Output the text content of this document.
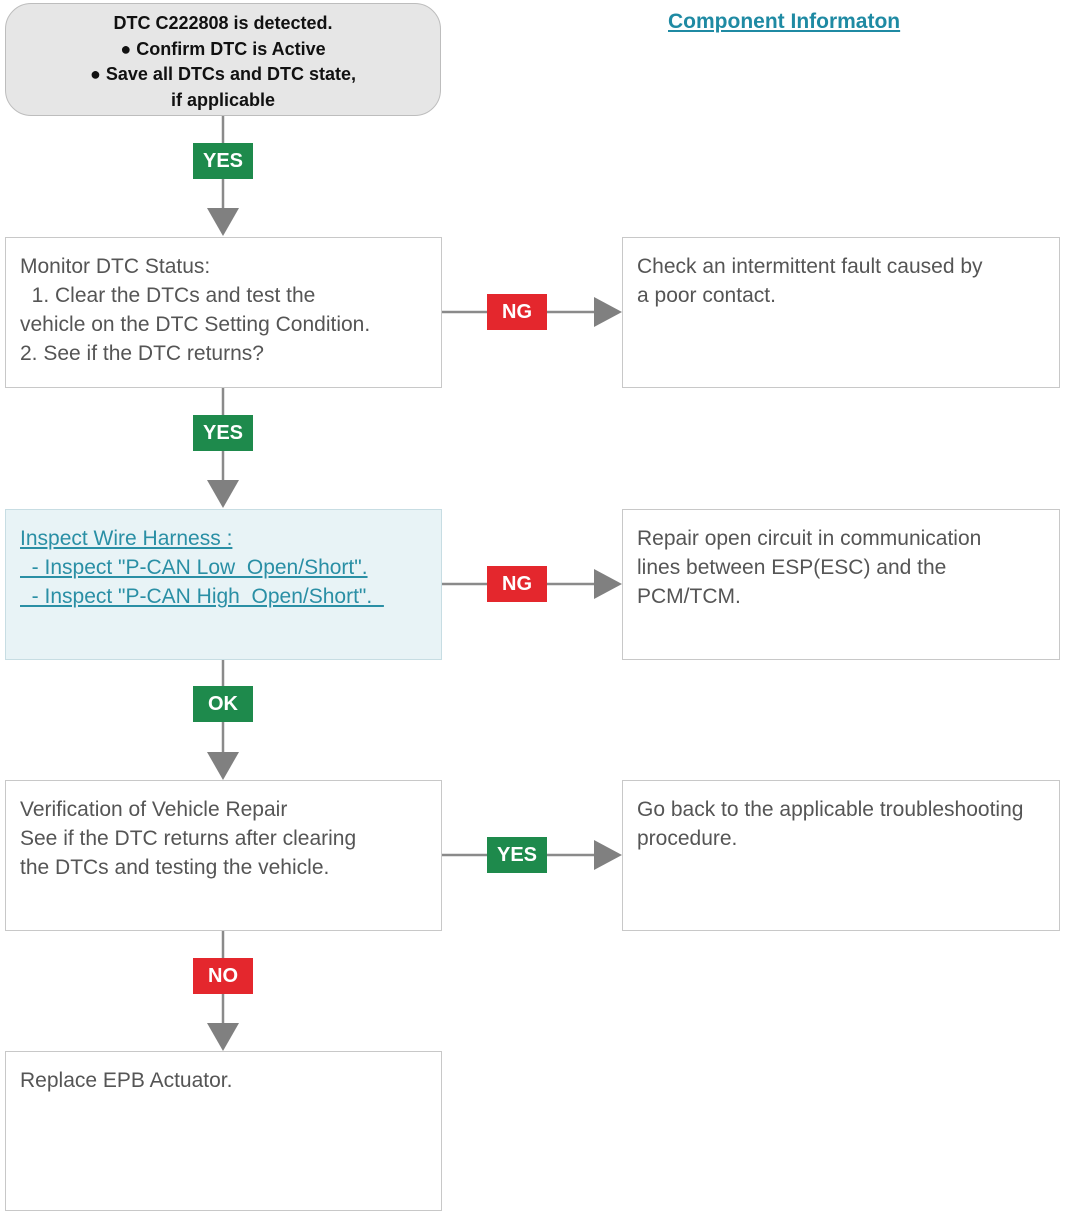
Component Informaton
DTC C222808 is detected.
● Confirm DTC is Active
● Save all DTCs and DTC state,
if applicable
YES
Monitor DTC Status:
1. Clear the DTCs and test the
vehicle on the DTC Setting Condition.
2. See if the DTC returns?
NG
Check an intermittent fault caused by
a poor contact.
YES
Inspect Wire Harness :
- Inspect "P-CAN Low  Open/Short".
- Inspect "P-CAN High  Open/Short".
NG
Repair open circuit in communication
lines between ESP(ESC) and the
PCM/TCM.
OK
Verification of Vehicle Repair
See if the DTC returns after clearing
the DTCs and testing the vehicle.
YES
Go back to the applicable troubleshooting
procedure.
NO
Replace EPB Actuator.
